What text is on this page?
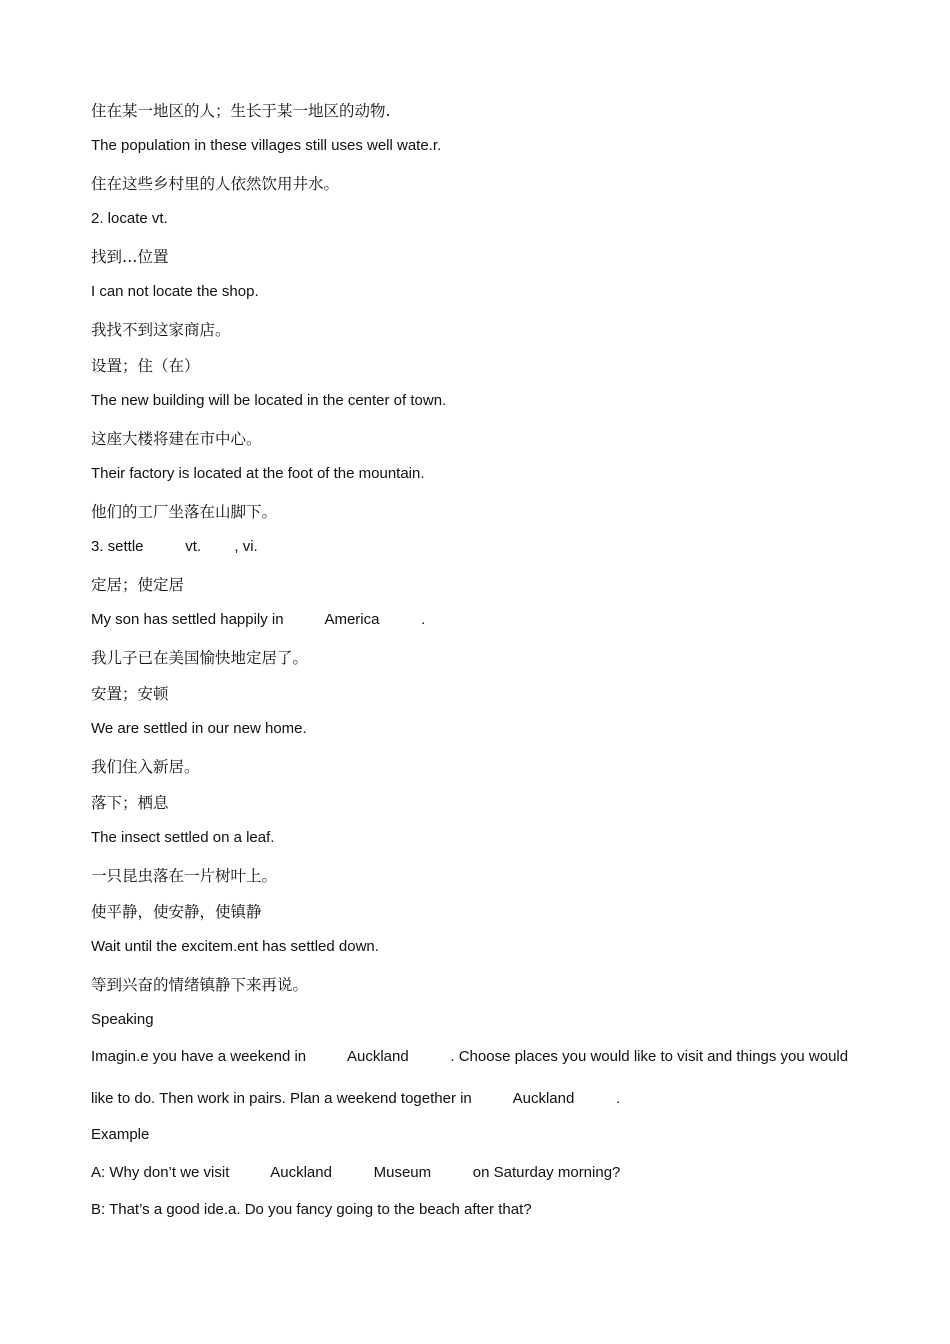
住在某一地区的人；生长于某一地区的动物.
The population in these villages still uses well wate.r.
住在这些乡村里的人依然饮用井水。
2. locate vt.
找到…位置
I can not locate the shop.
我找不到这家商店。
设置；住（在）
The new building will be located in the center of town.
这座大楼将建在市中心。
Their factory is located at the foot of the mountain.
他们的工厂坐落在山脚下。
3. settle          vt.        , vi.
定居；使定居
My son has settled happily in          America          .
我儿子已在美国愉快地定居了。
安置；安顿
We are settled in our new home.
我们住入新居。
落下；栖息
The insect settled on a leaf.
一只昆虫落在一片树叶上。
使平静，使安静，使镇静
Wait until the excitem.ent has settled down.
等到兴奋的情绪镇静下来再说。
Speaking
Imagin.e you have a weekend in          Auckland          . Choose places you would like to visit and things you would
like to do. Then work in pairs. Plan a weekend together in          Auckland          .
Example
A: Why don’t we visit          Auckland          Museum          on Saturday morning?
B: That’s a good ide.a. Do you fancy going to the beach after that?
